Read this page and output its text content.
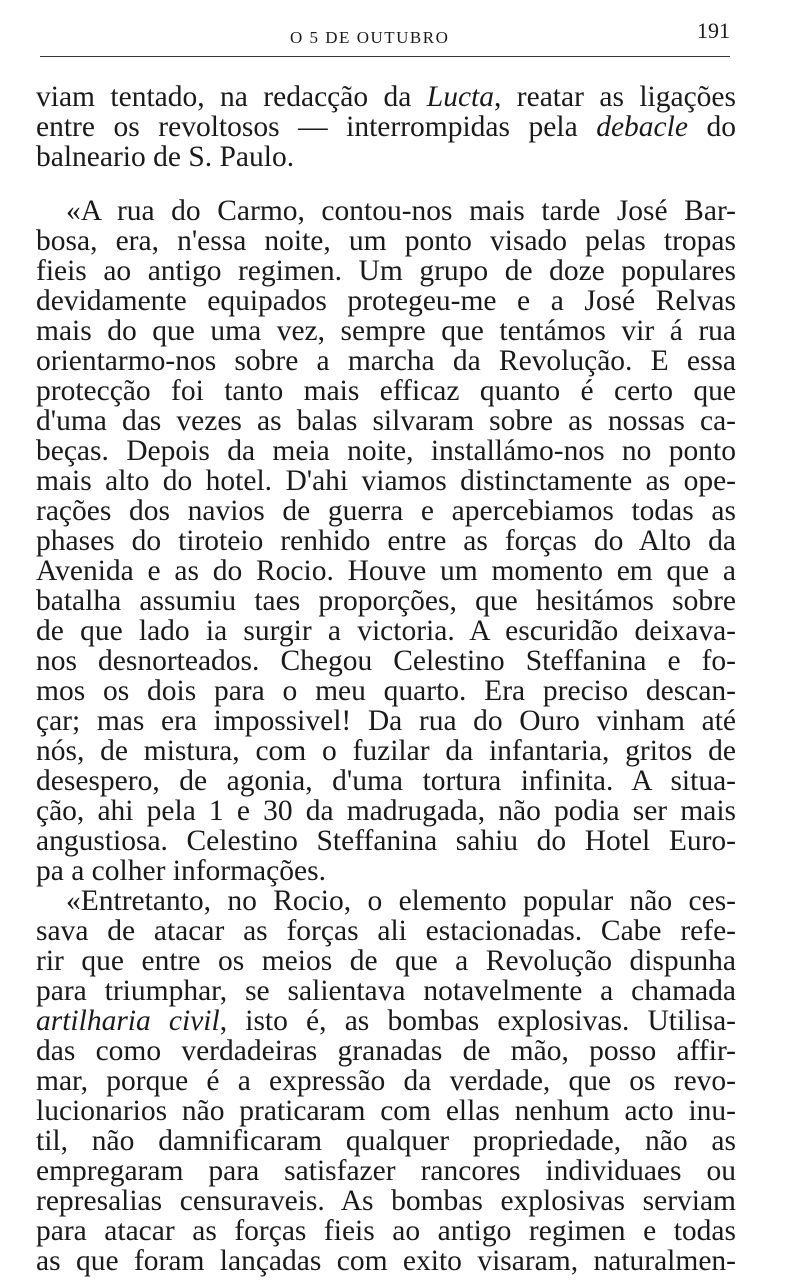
O 5 DE OUTUBRO	191

viam tentado, na redacção da Lucta, reatar as ligações
entre os revoltosos — interrompidas pela debacle do
balneario de S. Paulo.

«A rua do Carmo, contou-nos mais tarde José Bar-
bosa, era, n'essa noite, um ponto visado pelas tropas
fieis ao antigo regimen. Um grupo de doze populares
devidamente equipados protegeu-me e a José Relvas
mais do que uma vez, sempre que tentámos vir á rua
orientarmo-nos sobre a marcha da Revolução. E essa
protecção foi tanto mais efficaz quanto é certo que
d'uma das vezes as balas silvaram sobre as nossas ca-
beças. Depois da meia noite, installámo-nos no ponto
mais alto do hotel. D'ahi viamos distinctamente as ope-
rações dos navios de guerra e apercebiamos todas as
phases do tiroteio renhido entre as forças do Alto da
Avenida e as do Rocio. Houve um momento em que a
batalha assumiu taes proporções, que hesitámos sobre
de que lado ia surgir a victoria. A escuridão deixava-
nos desnorteados. Chegou Celestino Steffanina e fo-
mos os dois para o meu quarto. Era preciso descan-
çar; mas era impossivel! Da rua do Ouro vinham até
nós, de mistura, com o fuzilar da infantaria, gritos de
desespero, de agonia, d'uma tortura infinita. A situa-
ção, ahi pela 1 e 30 da madrugada, não podia ser mais
angustiosa. Celestino Steffanina sahiu do Hotel Euro-
pa a colher informações.

«Entretanto, no Rocio, o elemento popular não ces-
sava de atacar as forças ali estacionadas. Cabe refe-
rir que entre os meios de que a Revolução dispunha
para triumphar, se salientava notavelmente a chamada
artilharia civil, isto é, as bombas explosivas. Utilisa-
das como verdadeiras granadas de mão, posso affir-
mar, porque é a expressão da verdade, que os revo-
lucionarios não praticaram com ellas nenhum acto inu-
til, não damnificaram qualquer propriedade, não as
empregaram para satisfazer rancores individuaes ou
represalias censuraveis. As bombas explosivas serviam
para atacar as forças fieis ao antigo regimen e todas
as que foram lançadas com exito visaram, naturalmen-
